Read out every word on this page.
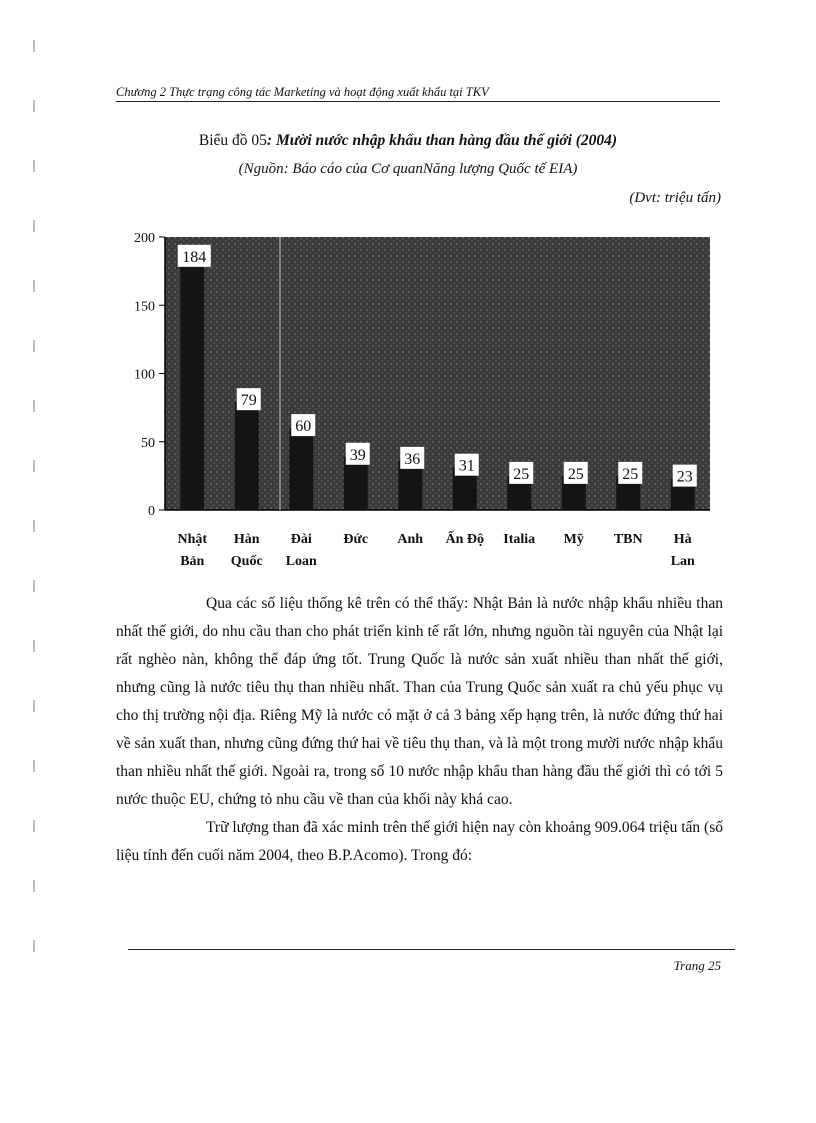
Chương 2 Thực trạng công tác Marketing và hoạt động xuất khẩu tại TKV
Biểu đồ 05: Mười nước nhập khẩu than hàng đầu thế giới (2004)
(Nguồn: Báo cáo của Cơ quanNăng lượng Quốc tế EIA)
(Dvt: triệu tấn)
0
50
100
150
200
184
Nhật
Bản
79
Hàn
Quốc
60
Đài
Loan
39
Đức
36
Anh
31
Ấn Độ
25
Italia
25
Mỹ
25
TBN
23
Hà
Lan

Qua các số liệu thống kê trên có thể thấy: Nhật Bản là nước nhập khẩu nhiều than nhất thế giới, do nhu cầu than cho phát triển kinh tế rất lớn, nhưng nguồn tài nguyên của Nhật lại rất nghèo nàn, không thể đáp ứng tốt. Trung Quốc là nước sản xuất nhiều than nhất thế giới, nhưng cũng là nước tiêu thụ than nhiều nhất. Than của Trung Quốc sản xuất ra chủ yếu phục vụ cho thị trường nội địa. Riêng Mỹ là nước có mặt ở cả 3 bảng xếp hạng trên, là nước đứng thứ hai về sản xuất than, nhưng cũng đứng thứ hai về tiêu thụ than, và là một trong mười nước nhập khẩu than nhiều nhất thế giới. Ngoài ra, trong số 10 nước nhập khẩu than hàng đầu thế giới thì có tới 5 nước thuộc EU, chứng tỏ nhu cầu về than của khối này khá cao.

Trữ lượng than đã xác minh trên thế giới hiện nay còn khoảng 909.064 triệu tấn (số liệu tính đến cuối năm 2004, theo B.P.Acomo). Trong đó:

Trang 25
